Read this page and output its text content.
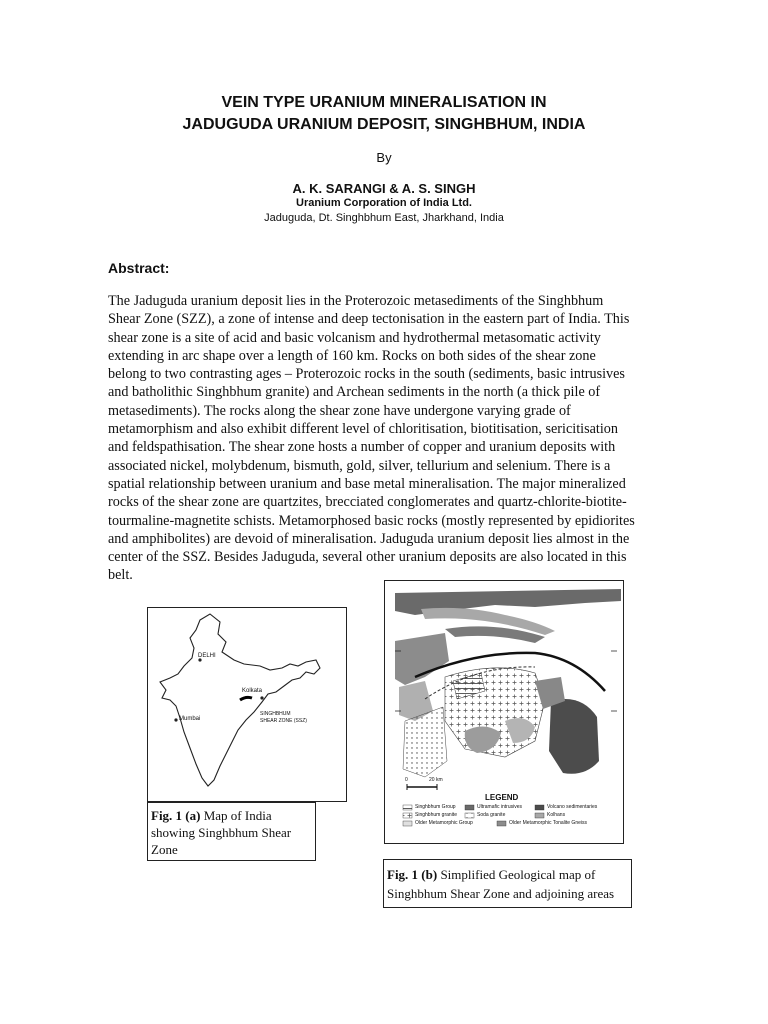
VEIN TYPE URANIUM MINERALISATION IN
JADUGUDA URANIUM DEPOSIT, SINGHBHUM, INDIA
By
A. K. SARANGI & A. S. SINGH
Uranium Corporation of India Ltd.
Jaduguda, Dt. Singhbhum East, Jharkhand, India
Abstract:
The Jaduguda uranium deposit lies in the Proterozoic metasediments of the Singhbhum
Shear Zone (SZZ), a zone of intense and deep tectonisation in the eastern part of India. This
shear zone is a site of acid and basic volcanism and hydrothermal metasomatic activity
extending in arc shape over a length of 160 km. Rocks on both sides of the shear zone
belong to two contrasting ages – Proterozoic rocks in the south (sediments, basic intrusives
and batholithic Singhbhum granite) and Archean sediments in the north (a thick pile of
metasediments). The rocks along the shear zone have undergone varying grade of
metamorphism and also exhibit different level of chloritisation, biotitisation, sericitisation
and feldspathisation. The shear zone hosts a number of copper and uranium deposits with
associated nickel, molybdenum, bismuth, gold, silver, tellurium and selenium. There is a
spatial relationship between uranium and base metal mineralisation. The major mineralized
rocks of the shear zone are quartzites, brecciated conglomerates and quartz-chlorite-biotite-
tourmaline-magnetite schists. Metamorphosed basic rocks (mostly represented by epidiorites
and amphibolites) are devoid of mineralisation. Jaduguda uranium deposit lies almost in the
center of the SSZ. Besides Jaduguda, several other uranium deposits are also located in this
belt.
DELHI
Kolkata
Mumbai
SINGHBHUM
SHEAR ZONE (SSZ)
Fig. 1 (a) Map of India showing Singhbhum Shear Zone
0	20 km
LEGEND
Singhbhum Group
Singhbhum granite
Older Metamorphic Group
Ultramafic intrusives
Soda granite
Volcano sedimentaries
Kolhans
Older Metamorphic Tonalite Gneiss
Fig. 1 (b) Simplified Geological map of Singhbhum Shear Zone and adjoining areas
